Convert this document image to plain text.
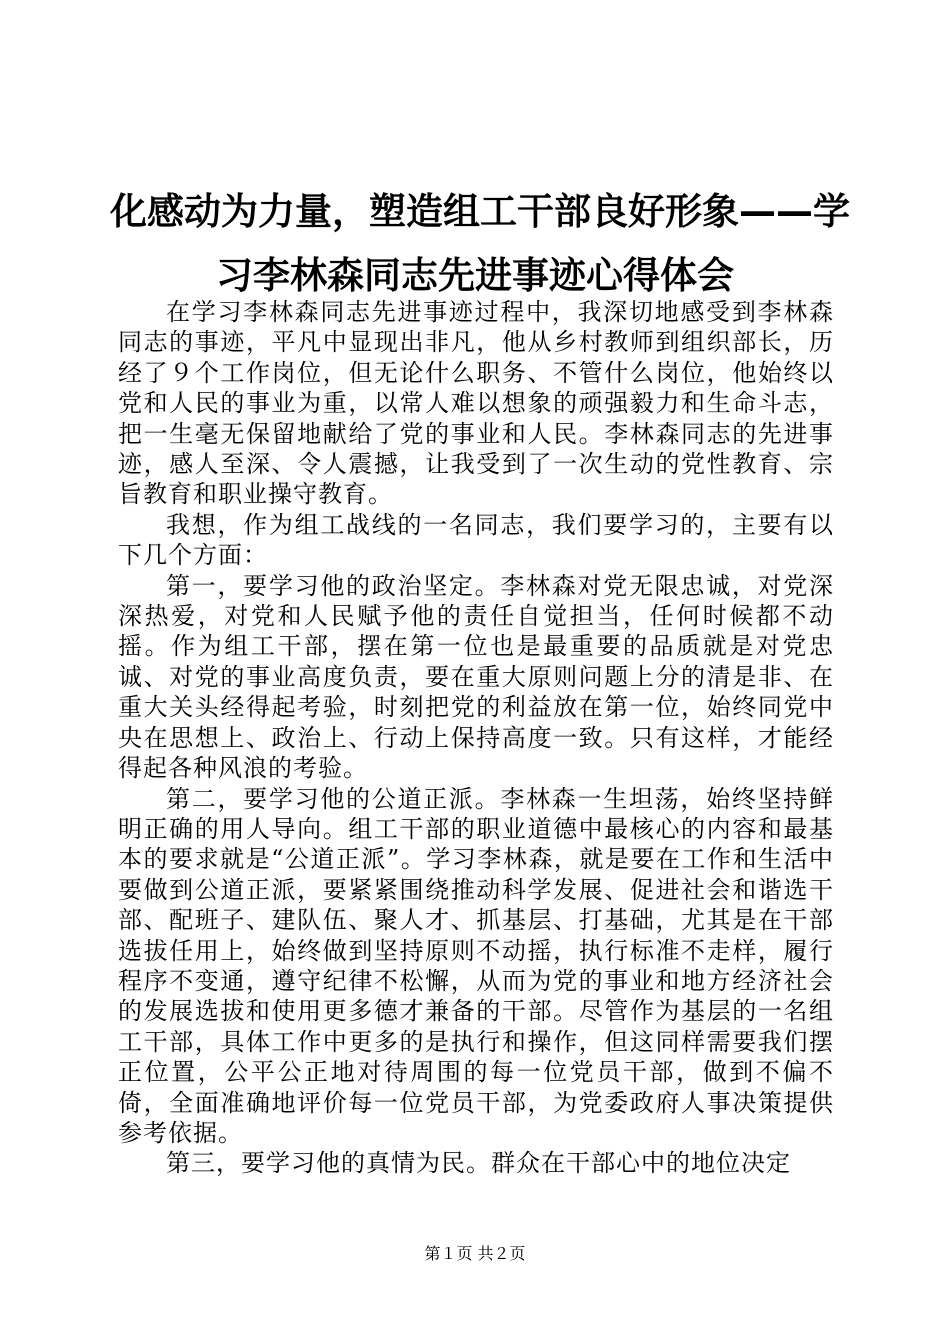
化感动为力量，塑造组工干部良好形象——学
习李林森同志先进事迹心得体会

在学习李林森同志先进事迹过程中，我深切地感受到李林森同志的事迹，平凡中显现出非凡，他从乡村教师到组织部长，历经了９个工作岗位，但无论什么职务、不管什么岗位，他始终以党和人民的事业为重，以常人难以想象的顽强毅力和生命斗志，把一生毫无保留地献给了党的事业和人民。李林森同志的先进事迹，感人至深、令人震撼，让我受到了一次生动的党性教育、宗旨教育和职业操守教育。

我想，作为组工战线的一名同志，我们要学习的，主要有以下几个方面：

第一，要学习他的政治坚定。李林森对党无限忠诚，对党深深热爱，对党和人民赋予他的责任自觉担当，任何时候都不动摇。作为组工干部，摆在第一位也是最重要的品质就是对党忠诚、对党的事业高度负责，要在重大原则问题上分的清是非、在重大关头经得起考验，时刻把党的利益放在第一位，始终同党中央在思想上、政治上、行动上保持高度一致。只有这样，才能经得起各种风浪的考验。

第二，要学习他的公道正派。李林森一生坦荡，始终坚持鲜明正确的用人导向。组工干部的职业道德中最核心的内容和最基本的要求就是“公道正派”。学习李林森，就是要在工作和生活中要做到公道正派，要紧紧围绕推动科学发展、促进社会和谐选干部、配班子、建队伍、聚人才、抓基层、打基础，尤其是在干部选拔任用上，始终做到坚持原则不动摇，执行标准不走样，履行程序不变通，遵守纪律不松懈，从而为党的事业和地方经济社会的发展选拔和使用更多德才兼备的干部。尽管作为基层的一名组工干部，具体工作中更多的是执行和操作，但这同样需要我们摆正位置，公平公正地对待周围的每一位党员干部，做到不偏不倚，全面准确地评价每一位党员干部，为党委政府人事决策提供参考依据。

第三，要学习他的真情为民。群众在干部心中的地位决定

第１页 共２页
